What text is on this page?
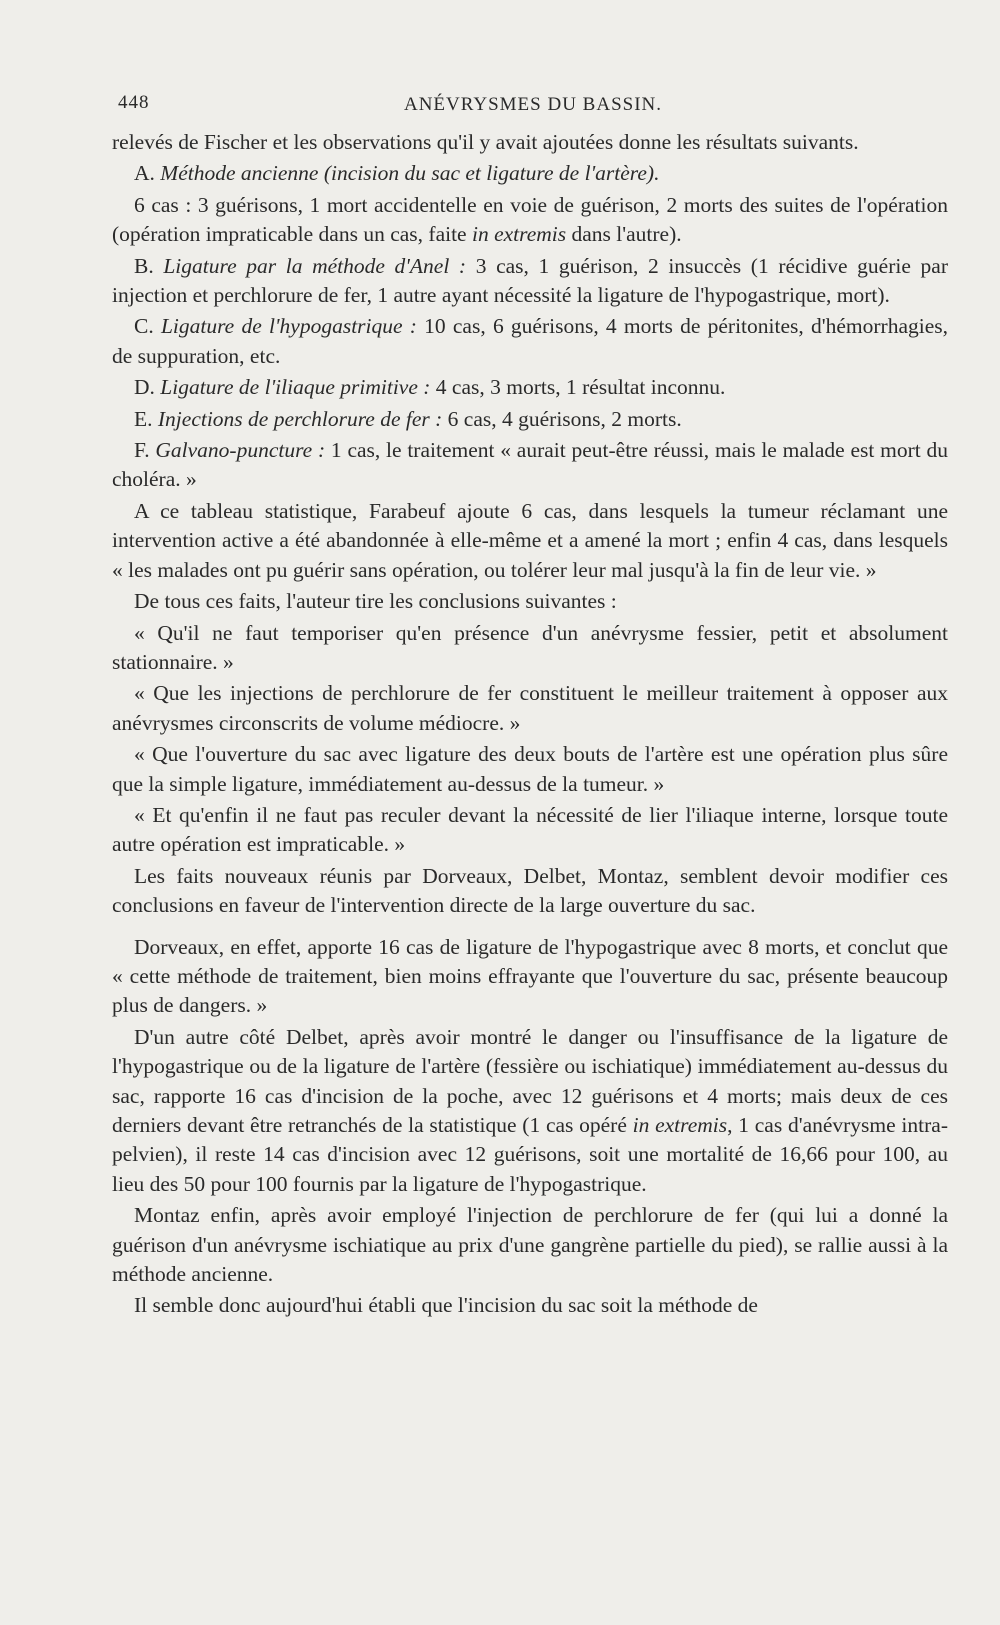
448	ANÉVRYSMES DU BASSIN.

relevés de Fischer et les observations qu'il y avait ajoutées donne les résultats suivants.

A. Méthode ancienne (incision du sac et ligature de l'artère).

6 cas : 3 guérisons, 1 mort accidentelle en voie de guérison, 2 morts des suites de l'opération (opération impraticable dans un cas, faite in extremis dans l'autre).

B. Ligature par la méthode d'Anel : 3 cas, 1 guérison, 2 insuccès (1 récidive guérie par injection et perchlorure de fer, 1 autre ayant nécessité la ligature de l'hypogastrique, mort).

C. Ligature de l'hypogastrique : 10 cas, 6 guérisons, 4 morts de péritonites, d'hémorrhagies, de suppuration, etc.

D. Ligature de l'iliaque primitive : 4 cas, 3 morts, 1 résultat inconnu.

E. Injections de perchlorure de fer : 6 cas, 4 guérisons, 2 morts.

F. Galvano-puncture : 1 cas, le traitement « aurait peut-être réussi, mais le malade est mort du choléra. »

A ce tableau statistique, Farabeuf ajoute 6 cas, dans lesquels la tumeur réclamant une intervention active a été abandonnée à elle-même et a amené la mort ; enfin 4 cas, dans lesquels « les malades ont pu guérir sans opération, ou tolérer leur mal jusqu'à la fin de leur vie. »

De tous ces faits, l'auteur tire les conclusions suivantes :

« Qu'il ne faut temporiser qu'en présence d'un anévrysme fessier, petit et absolument stationnaire. »

« Que les injections de perchlorure de fer constituent le meilleur traitement à opposer aux anévrysmes circonscrits de volume médiocre. »

« Que l'ouverture du sac avec ligature des deux bouts de l'artère est une opération plus sûre que la simple ligature, immédiatement au-dessus de la tumeur. »

« Et qu'enfin il ne faut pas reculer devant la nécessité de lier l'iliaque interne, lorsque toute autre opération est impraticable. »

Les faits nouveaux réunis par Dorveaux, Delbet, Montaz, semblent devoir modifier ces conclusions en faveur de l'intervention directe de la large ouverture du sac.

Dorveaux, en effet, apporte 16 cas de ligature de l'hypogastrique avec 8 morts, et conclut que « cette méthode de traitement, bien moins effrayante que l'ouverture du sac, présente beaucoup plus de dangers. »

D'un autre côté Delbet, après avoir montré le danger ou l'insuffisance de la ligature de l'hypogastrique ou de la ligature de l'artère (fessière ou ischiatique) immédiatement au-dessus du sac, rapporte 16 cas d'incision de la poche, avec 12 guérisons et 4 morts; mais deux de ces derniers devant être retranchés de la statistique (1 cas opéré in extremis, 1 cas d'anévrysme intra-pelvien), il reste 14 cas d'incision avec 12 guérisons, soit une mortalité de 16,66 pour 100, au lieu des 50 pour 100 fournis par la ligature de l'hypogastrique.

Montaz enfin, après avoir employé l'injection de perchlorure de fer (qui lui a donné la guérison d'un anévrysme ischiatique au prix d'une gangrène partielle du pied), se rallie aussi à la méthode ancienne.

Il semble donc aujourd'hui établi que l'incision du sac soit la méthode de
